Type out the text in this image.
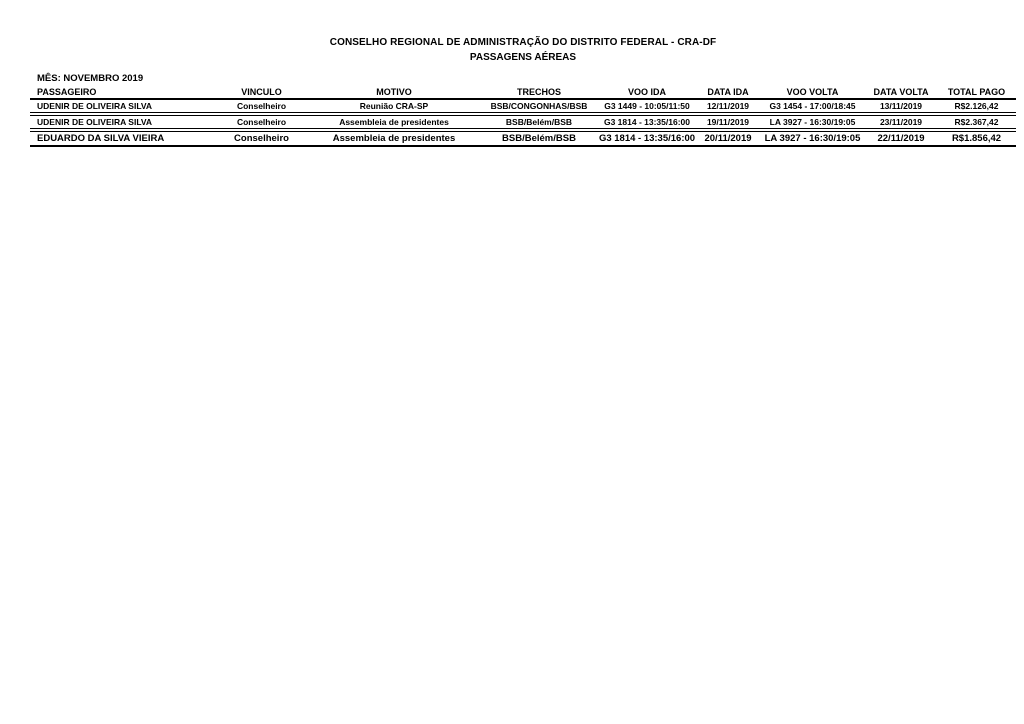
CONSELHO REGIONAL DE ADMINISTRAÇÃO DO DISTRITO FEDERAL - CRA-DF
PASSAGENS AÉREAS
MÊS: NOVEMBRO 2019
PASSAGEIRO	VINCULO	MOTIVO	TRECHOS	VOO IDA	DATA IDA	VOO VOLTA	DATA VOLTA	TOTAL PAGO
UDENIR DE OLIVEIRA SILVA	Conselheiro	Reunião CRA-SP	BSB/CONGONHAS/BSB	G3 1449 - 10:05/11:50	12/11/2019	G3 1454 - 17:00/18:45	13/11/2019	R$2.126,42
UDENIR DE OLIVEIRA SILVA	Conselheiro	Assembleia de presidentes	BSB/Belém/BSB	G3 1814 - 13:35/16:00	19/11/2019	LA 3927 - 16:30/19:05	23/11/2019	R$2.367,42
EDUARDO DA SILVA VIEIRA	Conselheiro	Assembleia de presidentes	BSB/Belém/BSB	G3 1814 - 13:35/16:00 20/11/2019	LA 3927 - 16:30/19:05	22/11/2019	R$1.856,42
